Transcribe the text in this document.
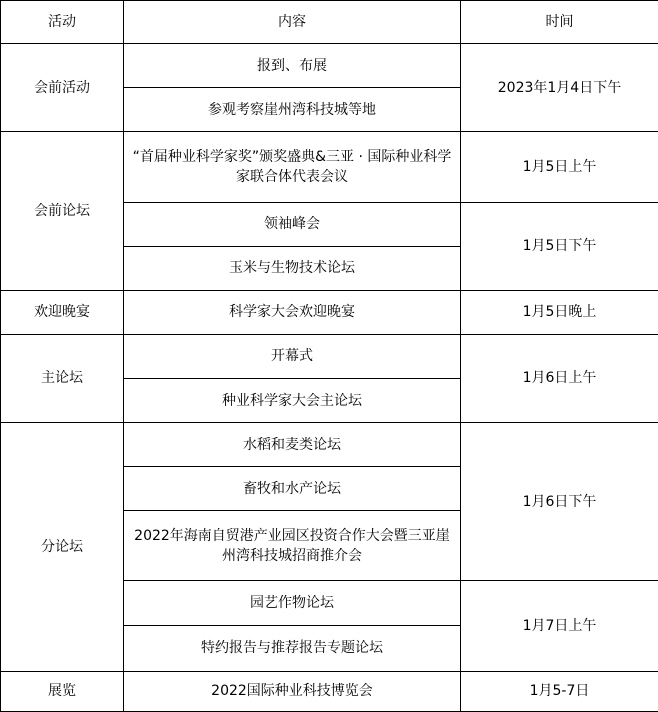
活动	内容	时间
会前活动	报到、布展	2023年1月4日下午
	参观考察崖州湾科技城等地	
会前论坛	“首届种业科学家奖”颁奖盛典&三亚 · 国际种业科学家联合体代表会议	1月5日上午
	领袖峰会	1月5日下午
	玉米与生物技术论坛	
欢迎晚宴	科学家大会欢迎晚宴	1月5日晚上
主论坛	开幕式	1月6日上午
	种业科学家大会主论坛	
分论坛	水稻和麦类论坛	1月6日下午
	畜牧和水产论坛	
	2022年海南自贸港产业园区投资合作大会暨三亚崖州湾科技城招商推介会	
	园艺作物论坛	1月7日上午
	特约报告与推荐报告专题论坛	
展览	2022国际种业科技博览会	1月5-7日
